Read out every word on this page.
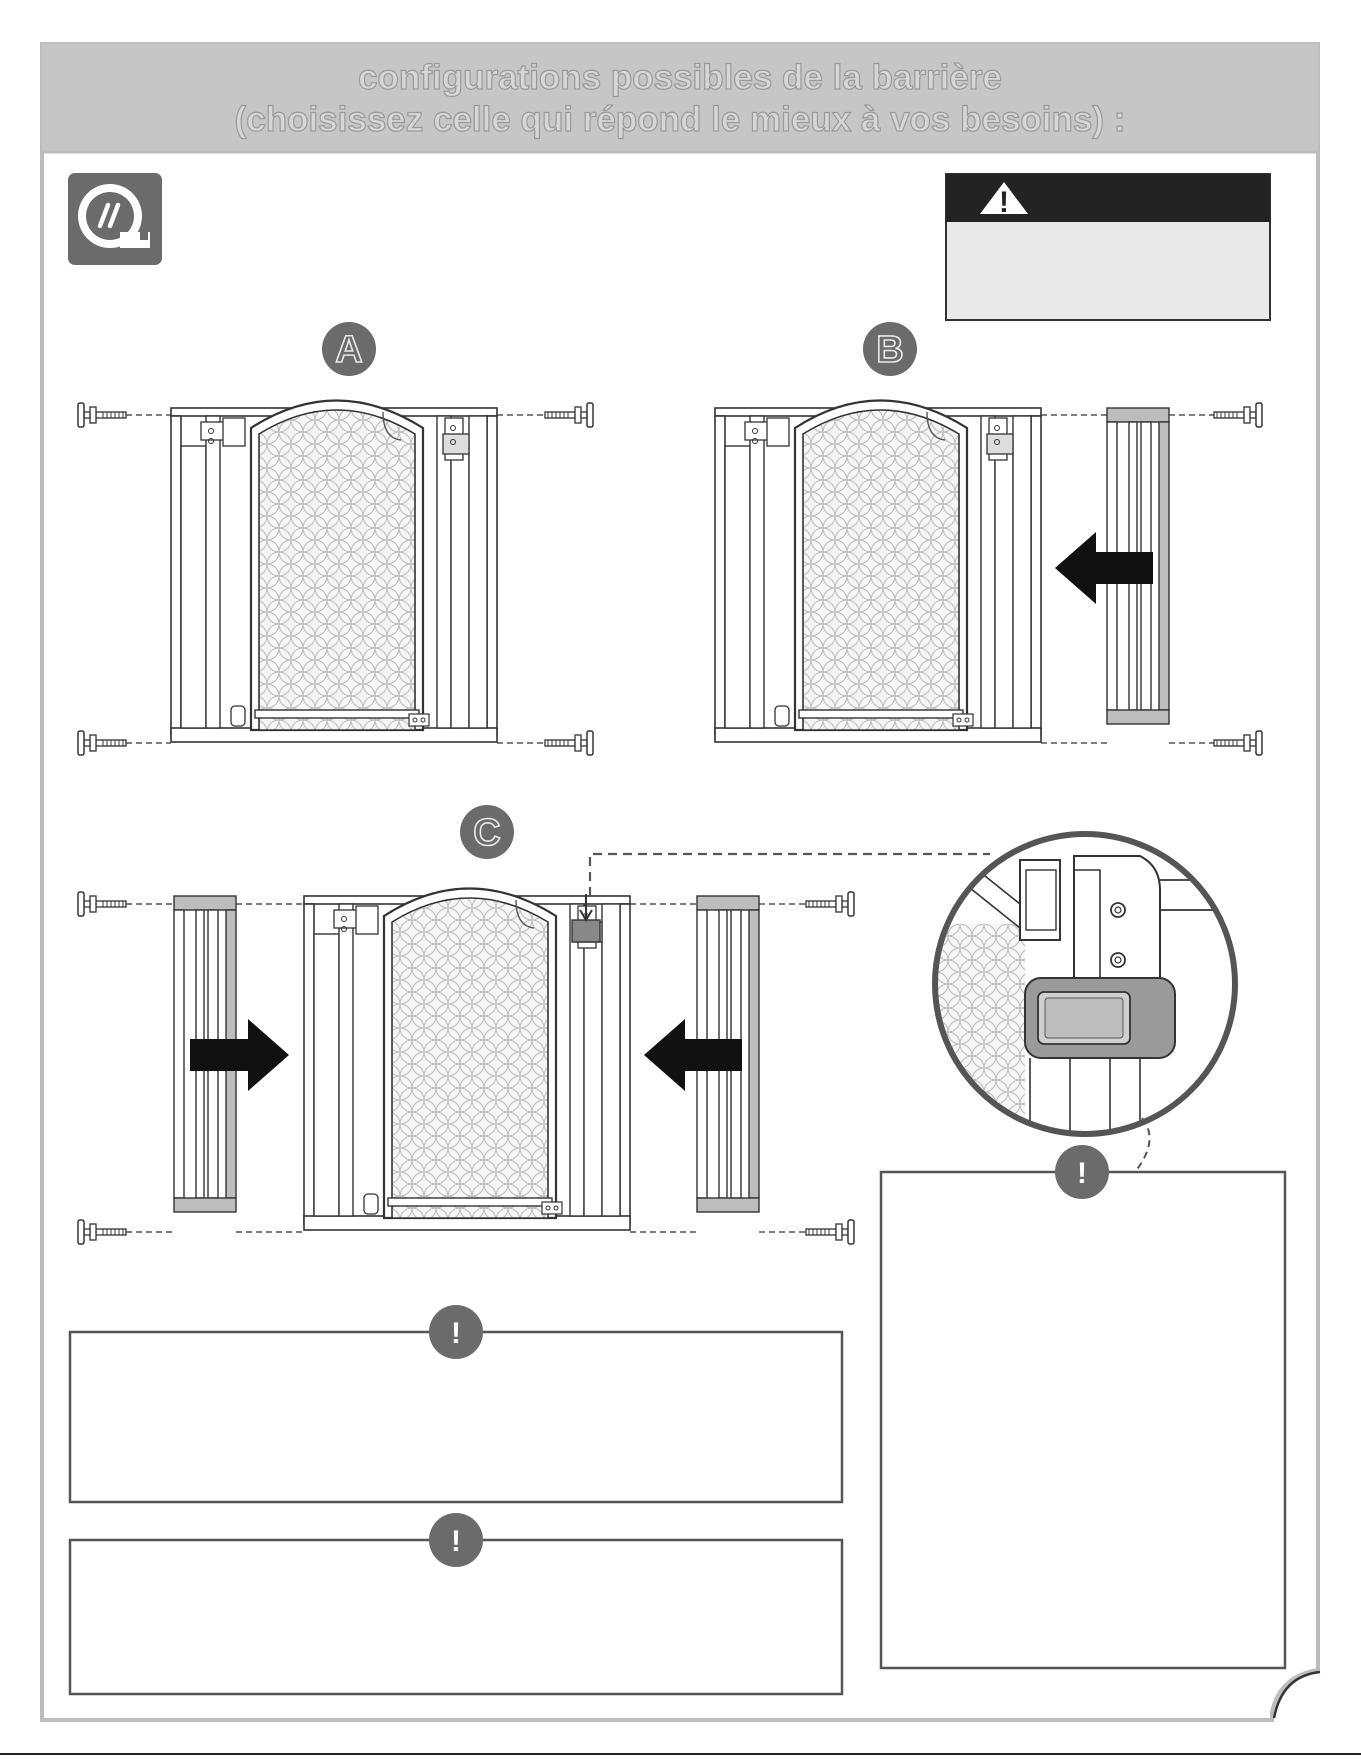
configurations possibles de la barrière
(choisissez celle qui répond le mieux à vos besoins) :
!
A	B
C
!
!
!
